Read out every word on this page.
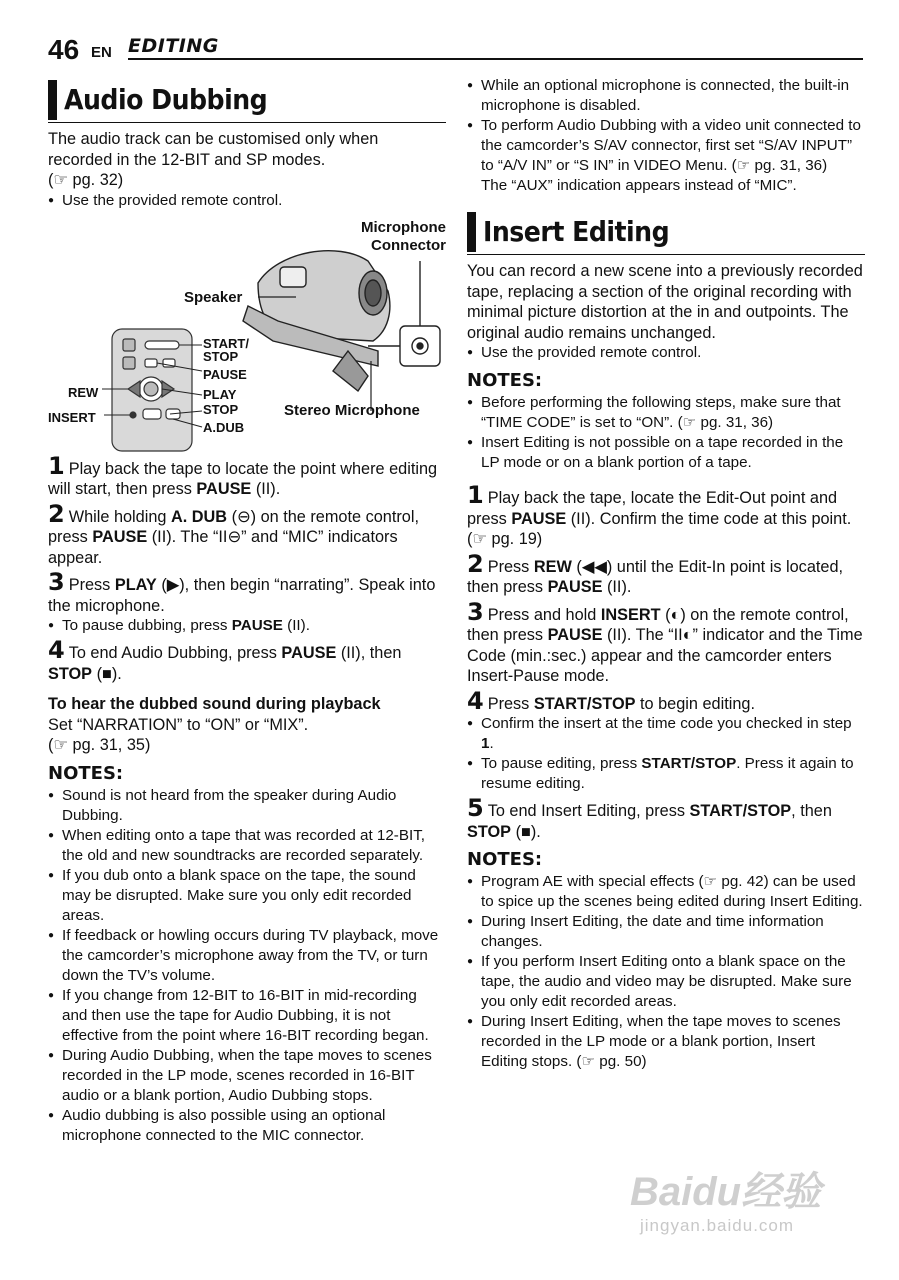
46 EN EDITING
Audio Dubbing

The audio track can be customised only when recorded in the 12-BIT and SP modes.

(☞ pg. 32)

● Use the provided remote control.

Microphone Connector
Speaker
Stereo Microphone
START/ STOP
PAUSE
PLAY
STOP
A.DUB
REW
INSERT
1 Play back the tape to locate the point where editing will start, then press PAUSE (II).
2 While holding A. DUB (⊖) on the remote control, press PAUSE (II). The “II⊖” and “MIC” indicators appear.
3 Press PLAY (▶), then begin “narrating”. Speak into the microphone.
● To pause dubbing, press PAUSE (II).
4 To end Audio Dubbing, press PAUSE (II), then STOP (■).

To hear the dubbed sound during playback

Set “NARRATION” to “ON” or “MIX”.

(☞ pg. 31, 35)

NOTES:

● Sound is not heard from the speaker during Audio Dubbing.

● When editing onto a tape that was recorded at 12-BIT, the old and new soundtracks are recorded separately.

● If you dub onto a blank space on the tape, the sound may be disrupted. Make sure you only edit recorded areas.

● If feedback or howling occurs during TV playback, move the camcorder’s microphone away from the TV, or turn down the TV’s volume.

● If you change from 12-BIT to 16-BIT in mid-recording and then use the tape for Audio Dubbing, it is not effective from the point where 16-BIT recording began.

● During Audio Dubbing, when the tape moves to scenes recorded in the LP mode, scenes recorded in 16-BIT audio or a blank portion, Audio Dubbing stops.

● Audio dubbing is also possible using an optional microphone connected to the MIC connector.

● While an optional microphone is connected, the built-in microphone is disabled.

● To perform Audio Dubbing with a video unit connected to the camcorder’s S/AV connector, first set “S/AV INPUT” to “A/V IN” or “S IN” in VIDEO Menu. (☞ pg. 31, 36)

The “AUX” indication appears instead of “MIC”.

Insert Editing

You can record a new scene into a previously recorded tape, replacing a section of the original recording with minimal picture distortion at the in and outpoints. The original audio remains unchanged.

● Use the provided remote control.

NOTES:

● Before performing the following steps, make sure that “TIME CODE” is set to “ON”. (☞ pg. 31, 36)

● Insert Editing is not possible on a tape recorded in the LP mode or on a blank portion of a tape.

1 Play back the tape, locate the Edit-Out point and press PAUSE (II). Confirm the time code at this point. (☞ pg. 19)
2 Press REW (◀◀) until the Edit-In point is located, then press PAUSE (II).
3 Press and hold INSERT (◐) on the remote control, then press PAUSE (II). The “II◐” indicator and the Time Code (min.:sec.) appear and the camcorder enters Insert-Pause mode.
4 Press START/STOP to begin editing.
● Confirm the insert at the time code you checked in step 1.
● To pause editing, press START/STOP. Press it again to resume editing.
5 To end Insert Editing, press START/STOP, then STOP (■).
NOTES:

● Program AE with special effects (☞ pg. 42) can be used to spice up the scenes being edited during Insert Editing.

● During Insert Editing, the date and time information changes.

● If you perform Insert Editing onto a blank space on the tape, the audio and video may be disrupted. Make sure you only edit recorded areas.

● During Insert Editing, when the tape moves to scenes recorded in the LP mode or a blank portion, Insert Editing stops. (☞ pg. 50)

Baidu经验
jingyan.baidu.com
